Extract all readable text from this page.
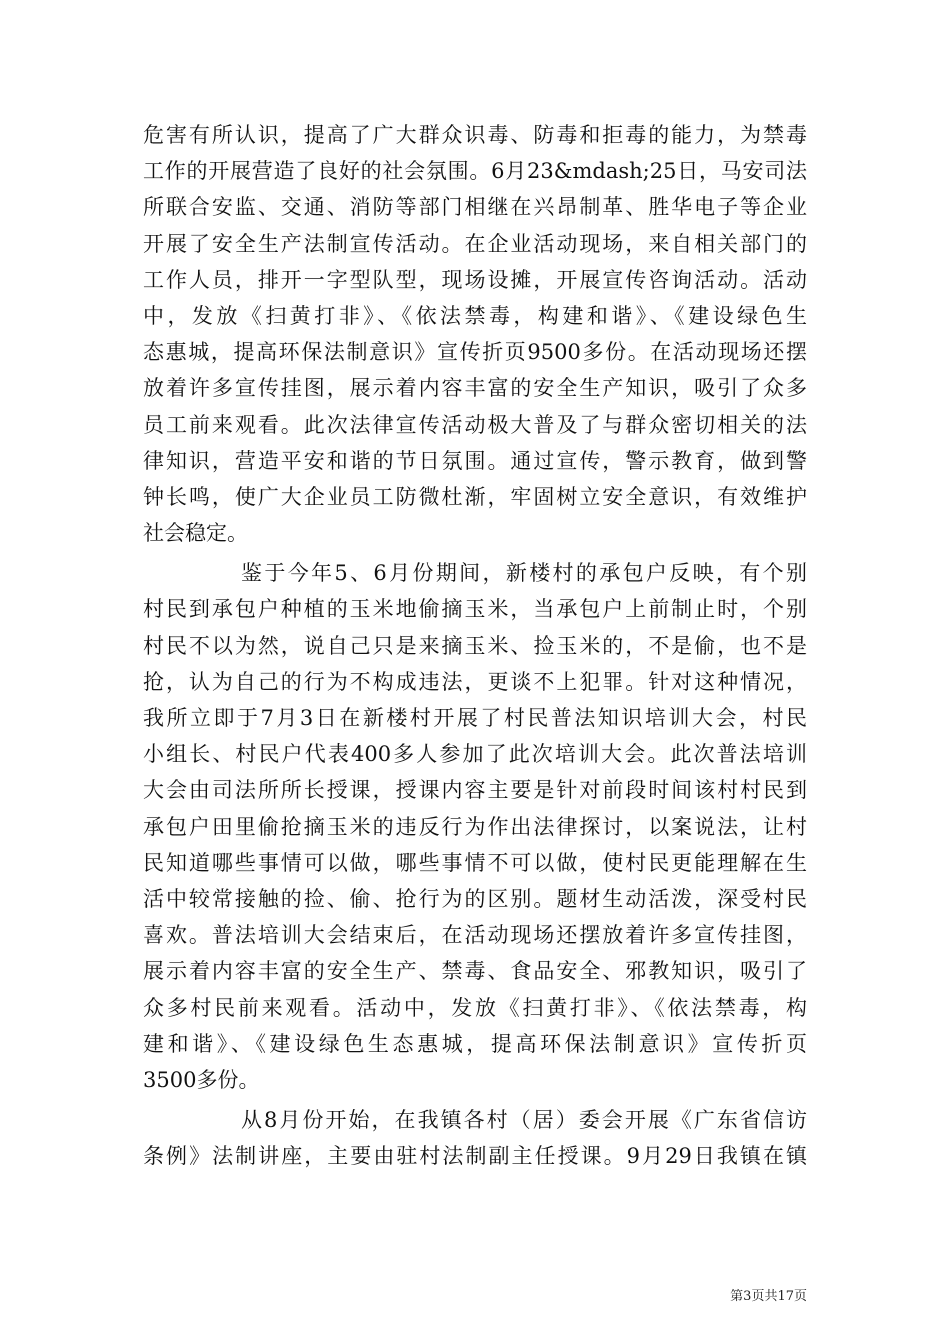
危害有所认识，提高了广大群众识毒、防毒和拒毒的能力，为禁毒
工作的开展营造了良好的社会氛围。6月23&mdash;25日，马安司法
所联合安监、交通、消防等部门相继在兴昂制革、胜华电子等企业
开展了安全生产法制宣传活动。在企业活动现场，来自相关部门的
工作人员，排开一字型队型，现场设摊，开展宣传咨询活动。活动
中，发放《扫黄打非》、《依法禁毒，构建和谐》、《建设绿色生
态惠城，提高环保法制意识》宣传折页9500多份。在活动现场还摆
放着许多宣传挂图，展示着内容丰富的安全生产知识，吸引了众多
员工前来观看。此次法律宣传活动极大普及了与群众密切相关的法
律知识，营造平安和谐的节日氛围。通过宣传，警示教育，做到警
钟长鸣，使广大企业员工防微杜渐，牢固树立安全意识，有效维护
社会稳定。
鉴于今年5、6月份期间，新楼村的承包户反映，有个别
村民到承包户种植的玉米地偷摘玉米，当承包户上前制止时，个别
村民不以为然，说自己只是来摘玉米、捡玉米的，不是偷，也不是
抢，认为自己的行为不构成违法，更谈不上犯罪。针对这种情况，
我所立即于7月3日在新楼村开展了村民普法知识培训大会，村民
小组长、村民户代表400多人参加了此次培训大会。此次普法培训
大会由司法所所长授课，授课内容主要是针对前段时间该村村民到
承包户田里偷抢摘玉米的违反行为作出法律探讨，以案说法，让村
民知道哪些事情可以做，哪些事情不可以做，使村民更能理解在生
活中较常接触的捡、偷、抢行为的区别。题材生动活泼，深受村民
喜欢。普法培训大会结束后，在活动现场还摆放着许多宣传挂图，
展示着内容丰富的安全生产、禁毒、食品安全、邪教知识，吸引了
众多村民前来观看。活动中，发放《扫黄打非》、《依法禁毒，构
建和谐》、《建设绿色生态惠城，提高环保法制意识》宣传折页
3500多份。
从8月份开始，在我镇各村（居）委会开展《广东省信访
条例》法制讲座，主要由驻村法制副主任授课。9月29日我镇在镇
第3页共17页
